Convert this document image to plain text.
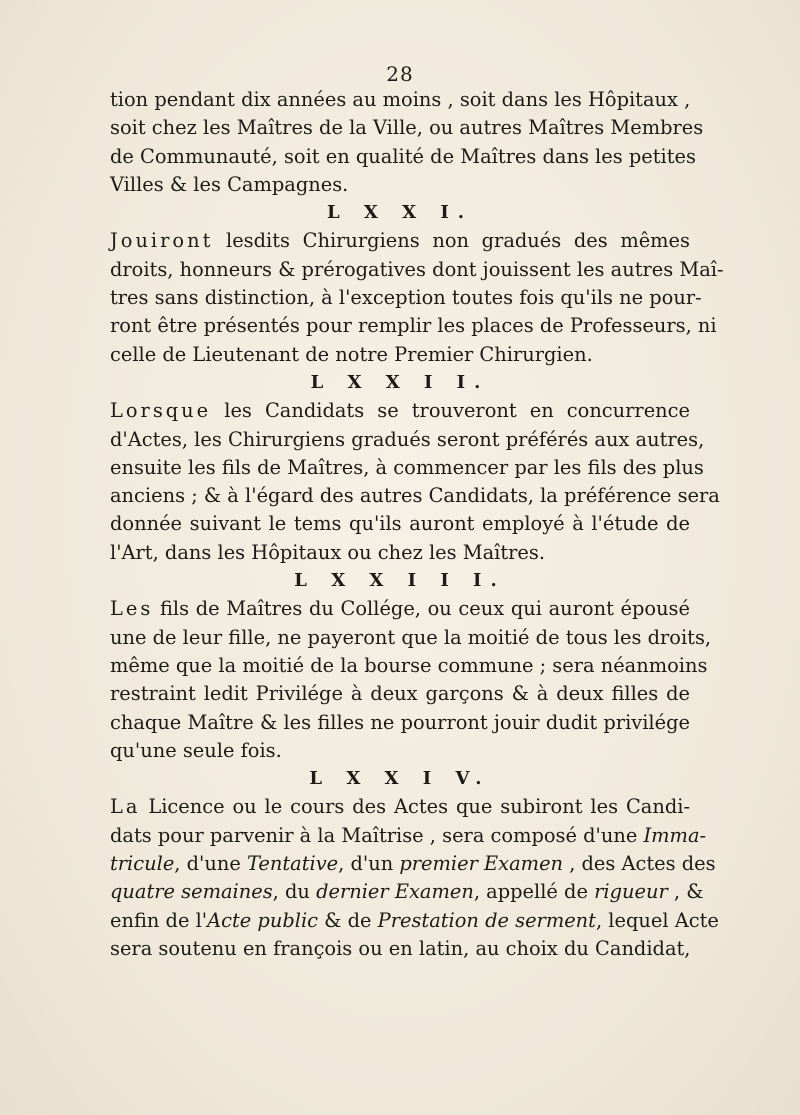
28
tion pendant dix années au moins , soit dans les Hôpitaux ,
soit chez les Maîtres de la Ville, ou autres Maîtres Membres
de Communauté, soit en qualité de Maîtres dans les petites
Villes & les Campagnes.
L X X I.
Jouiront lesdits Chirurgiens non gradués des mêmes
droits, honneurs & prérogatives dont jouissent les autres Maî-
tres sans distinction, à l'exception toutes fois qu'ils ne pour-
ront être présentés pour remplir les places de Professeurs, ni
celle de Lieutenant de notre Premier Chirurgien.
L X X I I.
Lorsque les Candidats se trouveront en concurrence
d'Actes, les Chirurgiens gradués seront préférés aux autres,
ensuite les fils de Maîtres, à commencer par les fils des plus
anciens ; & à l'égard des autres Candidats, la préférence sera
donnée suivant le tems qu'ils auront employé à l'étude de
l'Art, dans les Hôpitaux ou chez les Maîtres.
L X X I I I.
Les fils de Maîtres du Collége, ou ceux qui auront épousé
une de leur fille, ne payeront que la moitié de tous les droits,
même que la moitié de la bourse commune ; sera néanmoins
restraint ledit Privilége à deux garçons & à deux filles de
chaque Maître & les filles ne pourront jouir dudit privilége
qu'une seule fois.
L X X I V.
La Licence ou le cours des Actes que subiront les Candi-
dats pour parvenir à la Maîtrise , sera composé d'une Imma-
tricule, d'une Tentative, d'un premier Examen , des Actes des
quatre semaines, du dernier Examen, appellé de rigueur , &
enfin de l'Acte public & de Prestation de serment, lequel Acte
sera soutenu en françois ou en latin, au choix du Candidat,
